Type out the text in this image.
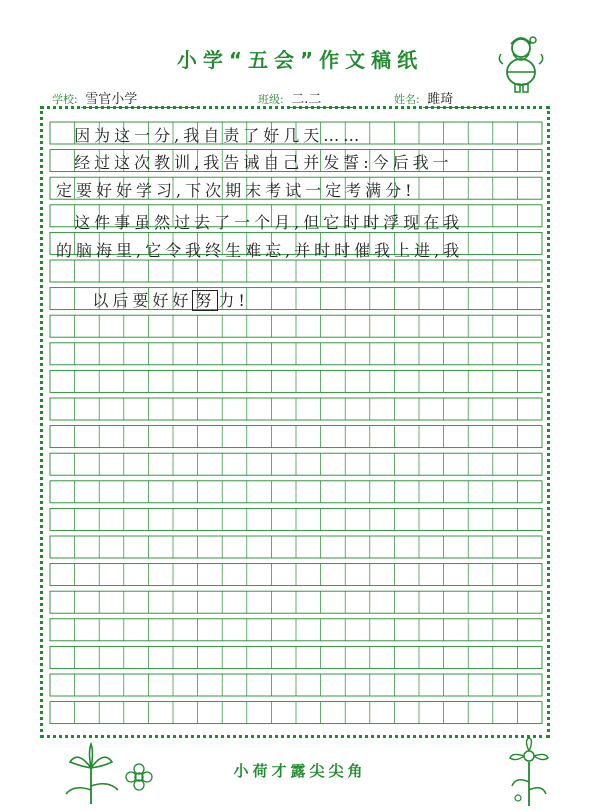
小学“五会”作文稿纸
学校: 雪官小学	班级: 二.二	姓名: 雎琦
因为这一分,我自责了好几天……
经过这次教训,我告诫自己并发誓:今后我一
定要好好学习,下次期末考试一定考满分!
这件事虽然过去了一个月,但它时时浮现在我
的脑海里,它令我终生难忘,并时时催我上进,我

以后要好好 努 力!

小荷才露尖尖角
